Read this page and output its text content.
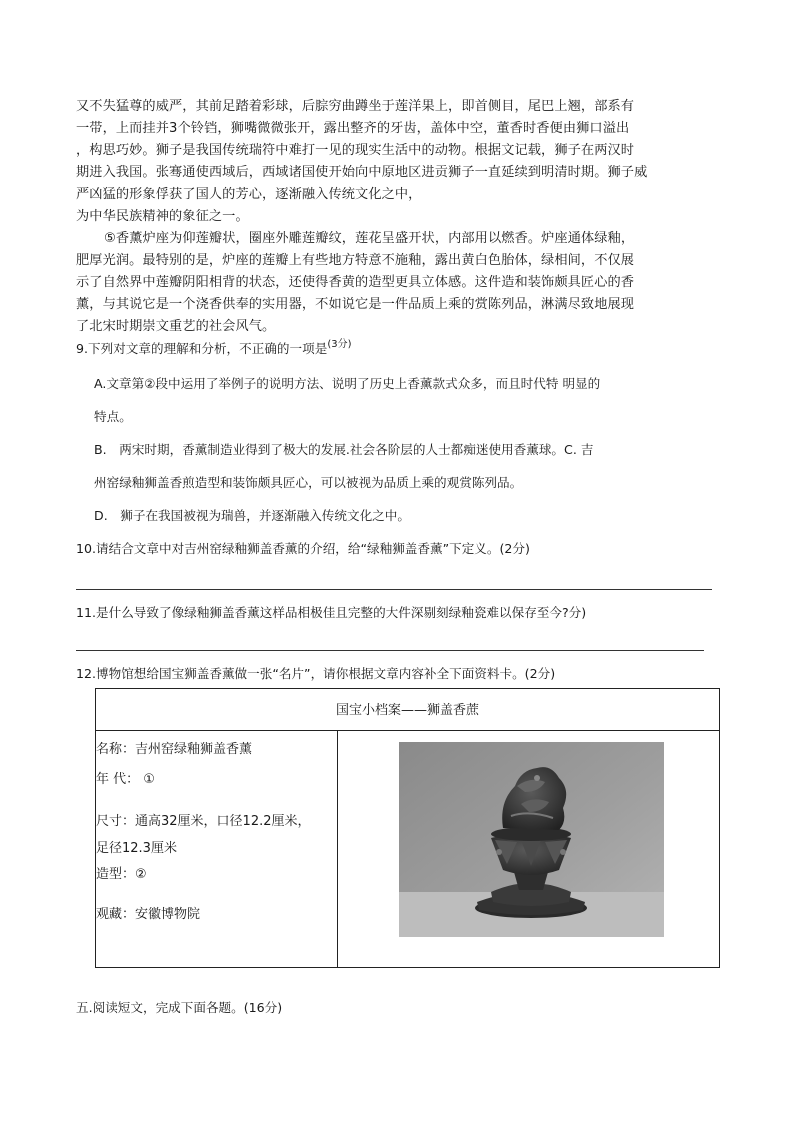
又不失猛尊的威严，其前足踏着彩球，后腙穷曲蹲坐于莲洋果上，即首侧目，尾巴上翘，部系有
一带，上而挂并3个铃铛，狮嘴微微张开，露出整齐的牙齿，盖体中空，董香时香便由狮口溢出
，构思巧妙。狮子是我国传统瑞符中难打一见的现实生活中的动物。根据文记载，狮子在两汉时
期进入我国。张骞通使西域后，西域诸国使开始向中原地区进贡狮子一直延续到明清时期。狮子威
严凶猛的形象俘获了国人的芳心，逐渐融入传统文化之中，
为中华民族精神的象征之一。
⑤香薰炉座为仰莲瓣状，圈座外雕莲瓣纹，莲花呈盛开状，内部用以燃香。炉座通体绿釉，
肥厚光润。最特别的是，炉座的莲瓣上有些地方特意不施釉，露出黄白色胎体，绿相间，不仅展
示了自然界中莲瓣阴阳相背的状态，还使得香黄的造型更具立体感。这件造和装饰颇具匠心的香
薰，与其说它是一个浇香供奉的实用器，不如说它是一件品质上乘的赏陈列品，淋满尽致地展现
了北宋时期崇文重艺的社会风气。
9.下列对文章的理解和分析，不正确的一项是$^{(3分)}$
A.文章第②段中运用了举例子的说明方法、说明了历史上香薰款式众多，而且时代特 明显的
特点。
B.　两宋时期，香薰制造业得到了极大的发展.社会各阶层的人士都痴迷使用香薰球。C. 吉
州窑绿釉狮盖香煎造型和装饰颇具匠心，可以被视为品质上乘的观赏陈列品。
D.　狮子在我国被视为瑞兽，并逐渐融入传统文化之中。
10.请结合文章中对吉州窑绿釉狮盖香薰的介绍，给“绿釉狮盖香薰”下定义。(2分)
11.是什么导致了像绿釉狮盖香薰这样品相极佳且完整的大件深剔刻绿釉瓷难以保存至今?分)
12.博物馆想给国宝狮盖香薰做一张“名片”，请你根据文章内容补全下面资料卡。(2分)
国宝小档案——狮盖香蔗
名称：吉州窑绿釉狮盖香薰
年 代： ①
尺寸：通高32厘米，口径12.2厘米，
足径12.3厘米
造型：②
观藏：安徽博物院
五.阅读短文，完成下面各题。(16分)
